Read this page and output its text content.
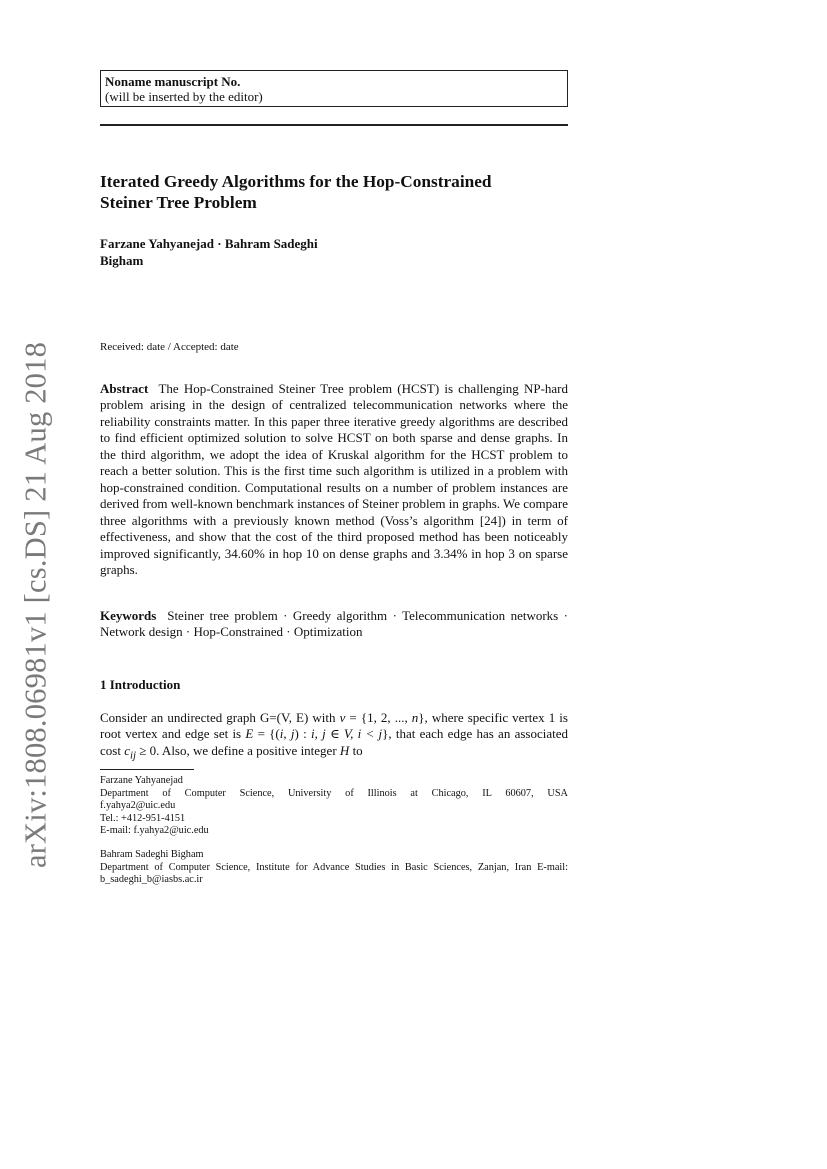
arXiv:1808.06981v1 [cs.DS] 21 Aug 2018
Noname manuscript No.
(will be inserted by the editor)
Iterated Greedy Algorithms for the Hop-Constrained
Steiner Tree Problem
Farzane Yahyanejad · Bahram Sadeghi
Bigham
Received: date / Accepted: date
Abstract The Hop-Constrained Steiner Tree problem (HCST) is challenging NP-hard problem arising in the design of centralized telecommunication networks where the reliability constraints matter. In this paper three iterative greedy algorithms are described to find efficient optimized solution to solve HCST on both sparse and dense graphs. In the third algorithm, we adopt the idea of Kruskal algorithm for the HCST problem to reach a better solution. This is the first time such algorithm is utilized in a problem with hop-constrained condition. Computational results on a number of problem instances are derived from well-known benchmark instances of Steiner problem in graphs. We compare three algorithms with a previously known method (Voss’s algorithm [24]) in term of effectiveness, and show that the cost of the third proposed method has been noticeably improved significantly, 34.60% in hop 10 on dense graphs and 3.34% in hop 3 on sparse graphs.
Keywords Steiner tree problem · Greedy algorithm · Telecommunication networks · Network design · Hop-Constrained · Optimization
1 Introduction
Consider an undirected graph G=(V, E) with v = {1, 2, ..., n}, where specific vertex 1 is root vertex and edge set is E = {(i, j) : i, j ∈ V, i < j}, that each edge has an associated cost $c_{ij} \ge 0$. Also, we define a positive integer H to
Farzane Yahyanejad
Department of Computer Science, University of Illinois at Chicago, IL 60607, USA
f.yahya2@uic.edu
Tel.: +412-951-4151
E-mail: f.yahya2@uic.edu
Bahram Sadeghi Bigham
Department of Computer Science, Institute for Advance Studies in Basic Sciences, Zanjan, Iran E-mail: b_sadeghi_b@iasbs.ac.ir
